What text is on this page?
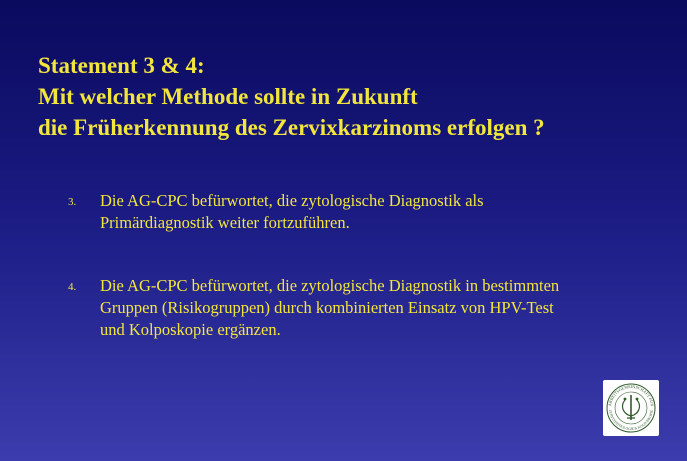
Statement 3 & 4:
Mit welcher Methode sollte in Zukunft
die Früherkennung des Zervixkarzinoms erfolgen ?
3. Die AG-CPC befürwortet, die zytologische Diagnostik als
Primärdiagnostik weiter fortzuführen.
4. Die AG-CPC befürwortet, die zytologische Diagnostik in bestimmten
Gruppen (Risikogruppen) durch kombinierten Einsatz von HPV-Test
und Kolposkopie ergänzen.
ARBEITSGEMEINSCHAFT FÜR
ZERVIXPATHOLOGIE & KOLPOSKOPIE
